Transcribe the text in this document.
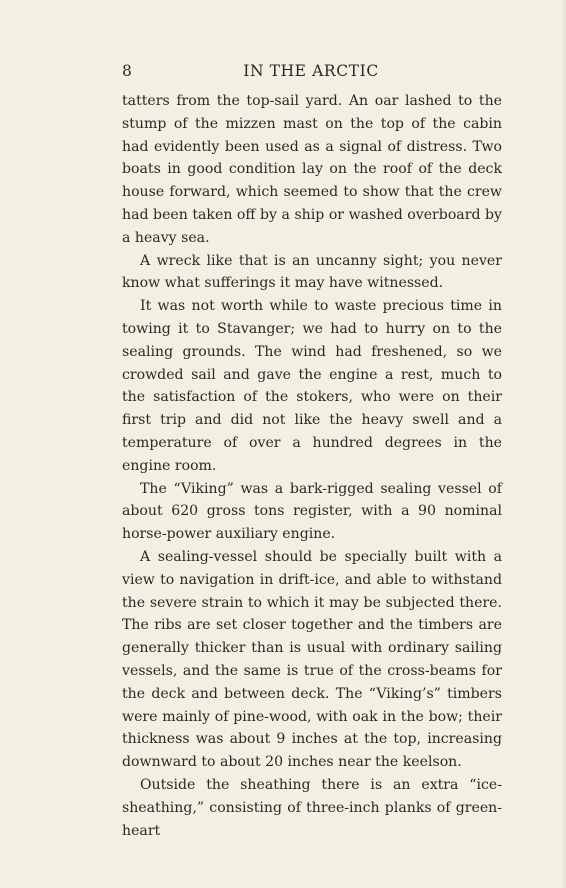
8	IN THE ARCTIC

tatters from the top-sail yard. An oar lashed to the stump of the mizzen mast on the top of the cabin had evidently been used as a signal of distress. Two boats in good condition lay on the roof of the deck house forward, which seemed to show that the crew had been taken off by a ship or washed overboard by a heavy sea.

A wreck like that is an uncanny sight; you never know what sufferings it may have witnessed.

It was not worth while to waste precious time in towing it to Stavanger; we had to hurry on to the sealing grounds. The wind had freshened, so we crowded sail and gave the engine a rest, much to the satisfaction of the stokers, who were on their first trip and did not like the heavy swell and a temperature of over a hundred degrees in the engine room.

The “Viking” was a bark-rigged sealing vessel of about 620 gross tons register, with a 90 nominal horse-power auxiliary engine.

A sealing-vessel should be specially built with a view to navigation in drift-ice, and able to withstand the severe strain to which it may be subjected there. The ribs are set closer together and the timbers are generally thicker than is usual with ordinary sailing vessels, and the same is true of the cross-beams for the deck and between deck. The “Viking’s” timbers were mainly of pine-wood, with oak in the bow; their thickness was about 9 inches at the top, increasing downward to about 20 inches near the keelson.

Outside the sheathing there is an extra “ice-sheathing,” consisting of three-inch planks of green-heart
